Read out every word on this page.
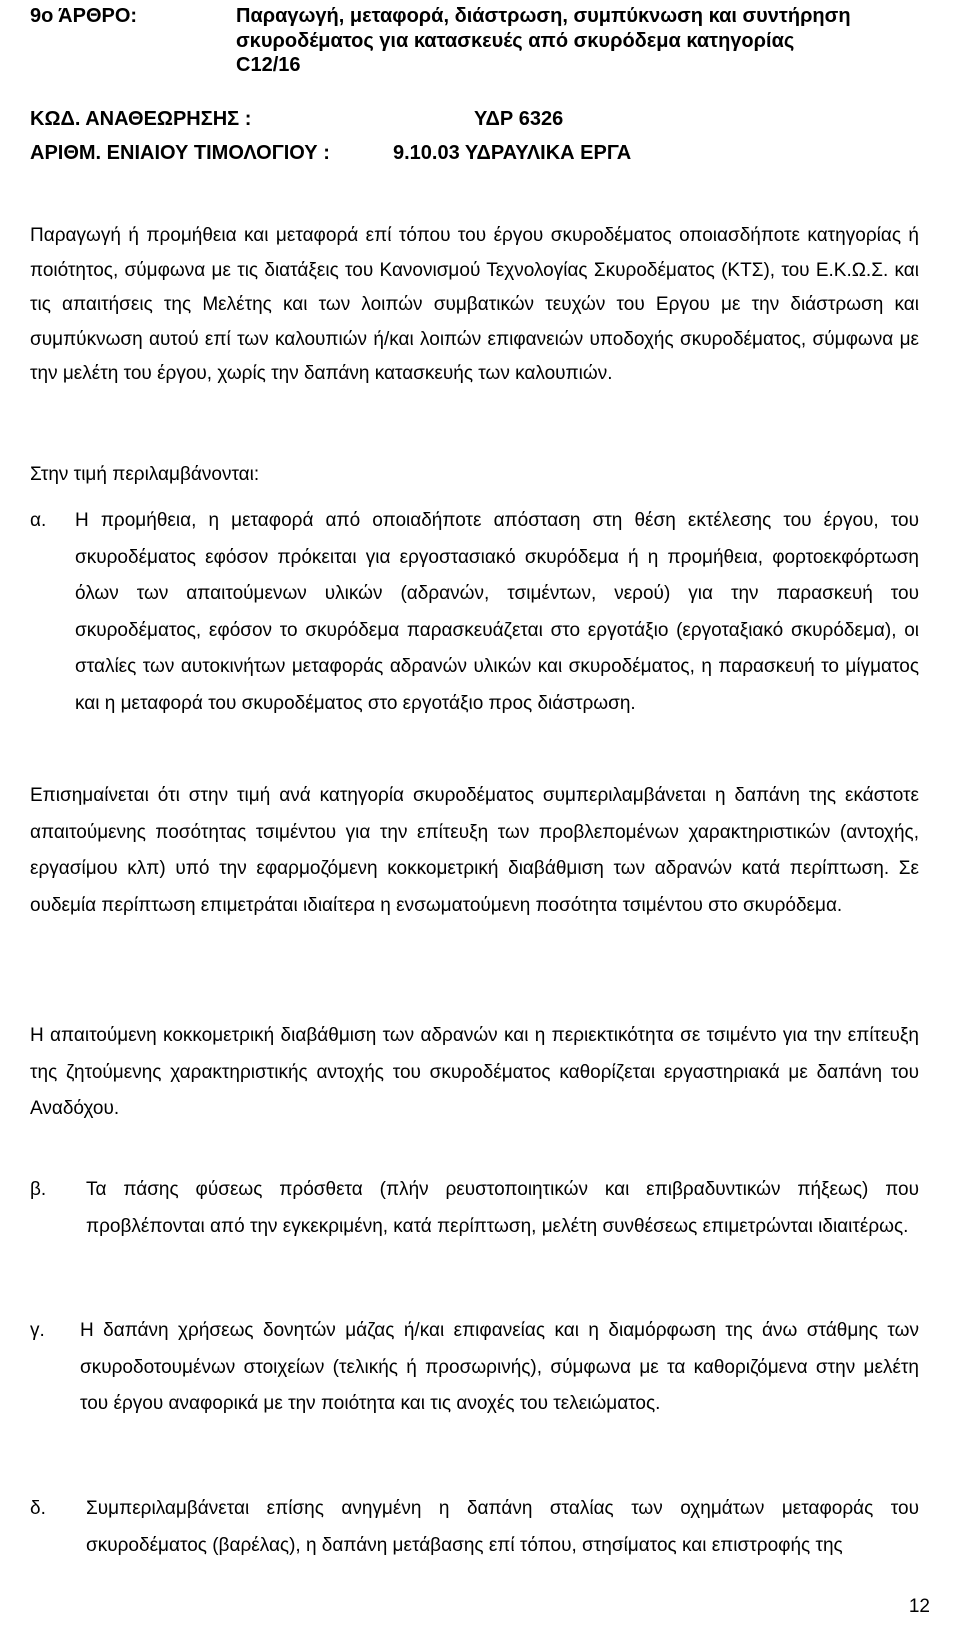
9ο ΆΡΘΡΟ:	Παραγωγή, μεταφορά, διάστρωση, συμπύκνωση και συντήρηση
σκυροδέματος για κατασκευές από σκυρόδεμα κατηγορίας
C12/16
ΚΩΔ. ΑΝΑΘΕΩΡΗΣΗΣ :	ΥΔΡ 6326
ΑΡΙΘΜ. ΕΝΙΑΙΟΥ ΤΙΜΟΛΟΓΙΟΥ :	9.10.03 ΥΔΡΑΥΛΙΚΑ ΕΡΓΑ

Παραγωγή ή προμήθεια και μεταφορά επί τόπου του έργου σκυροδέματος οποιασδήποτε κατηγορίας ή ποιότητος, σύμφωνα με τις διατάξεις του Κανονισμού Τεχνολογίας Σκυροδέματος (ΚΤΣ), του Ε.Κ.Ω.Σ. και τις απαιτήσεις της Μελέτης και των λοιπών συμβατικών τευχών του Εργου με την διάστρωση και συμπύκνωση αυτού επί των καλουπιών ή/και λοιπών επιφανειών υποδοχής σκυροδέματος, σύμφωνα με την μελέτη του έργου, χωρίς την δαπάνη κατασκευής των καλουπιών.

Στην τιμή περιλαμβάνονται:

α.	Η προμήθεια, η μεταφορά από οποιαδήποτε απόσταση στη θέση εκτέλεσης του έργου, του σκυροδέματος εφόσον πρόκειται για εργοστασιακό σκυρόδεμα ή η προμήθεια, φορτοεκφόρτωση όλων των απαιτούμενων υλικών (αδρανών, τσιμέντων, νερού) για την παρασκευή του σκυροδέματος, εφόσον το σκυρόδεμα παρασκευάζεται στο εργοτάξιο (εργοταξιακό σκυρόδεμα), οι σταλίες των αυτοκινήτων μεταφοράς αδρανών υλικών και σκυροδέματος, η παρασκευή το μίγματος και η μεταφορά του σκυροδέματος στο εργοτάξιο προς διάστρωση.

Επισημαίνεται ότι στην τιμή ανά κατηγορία σκυροδέματος συμπεριλαμβάνεται η δαπάνη της εκάστοτε απαιτούμενης ποσότητας τσιμέντου για την επίτευξη των προβλεπομένων χαρακτηριστικών (αντοχής, εργασίμου κλπ) υπό την εφαρμοζόμενη κοκκομετρική διαβάθμιση των αδρανών κατά περίπτωση. Σε ουδεμία περίπτωση επιμετράται ιδιαίτερα η ενσωματούμενη ποσότητα τσιμέντου στο σκυρόδεμα.

Η απαιτούμενη κοκκομετρική διαβάθμιση των αδρανών και η περιεκτικότητα σε τσιμέντο για την επίτευξη της ζητούμενης χαρακτηριστικής αντοχής του σκυροδέματος καθορίζεται εργαστηριακά με δαπάνη του Αναδόχου.

β.	Τα πάσης φύσεως πρόσθετα (πλήν ρευστοποιητικών και επιβραδυντικών πήξεως) που προβλέπονται από την εγκεκριμένη, κατά περίπτωση, μελέτη συνθέσεως επιμετρώνται ιδιαιτέρως.
γ.	Η δαπάνη χρήσεως δονητών μάζας ή/και επιφανείας και η διαμόρφωση της άνω στάθμης των σκυροδοτουμένων στοιχείων (τελικής ή προσωρινής), σύμφωνα με τα καθοριζόμενα στην μελέτη του έργου αναφορικά με την ποιότητα και τις ανοχές του τελειώματος.
δ.	Συμπεριλαμβάνεται επίσης ανηγμένη η δαπάνη σταλίας των οχημάτων μεταφοράς του σκυροδέματος (βαρέλας), η δαπάνη μετάβασης επί τόπου, στησίματος και επιστροφής της
12
